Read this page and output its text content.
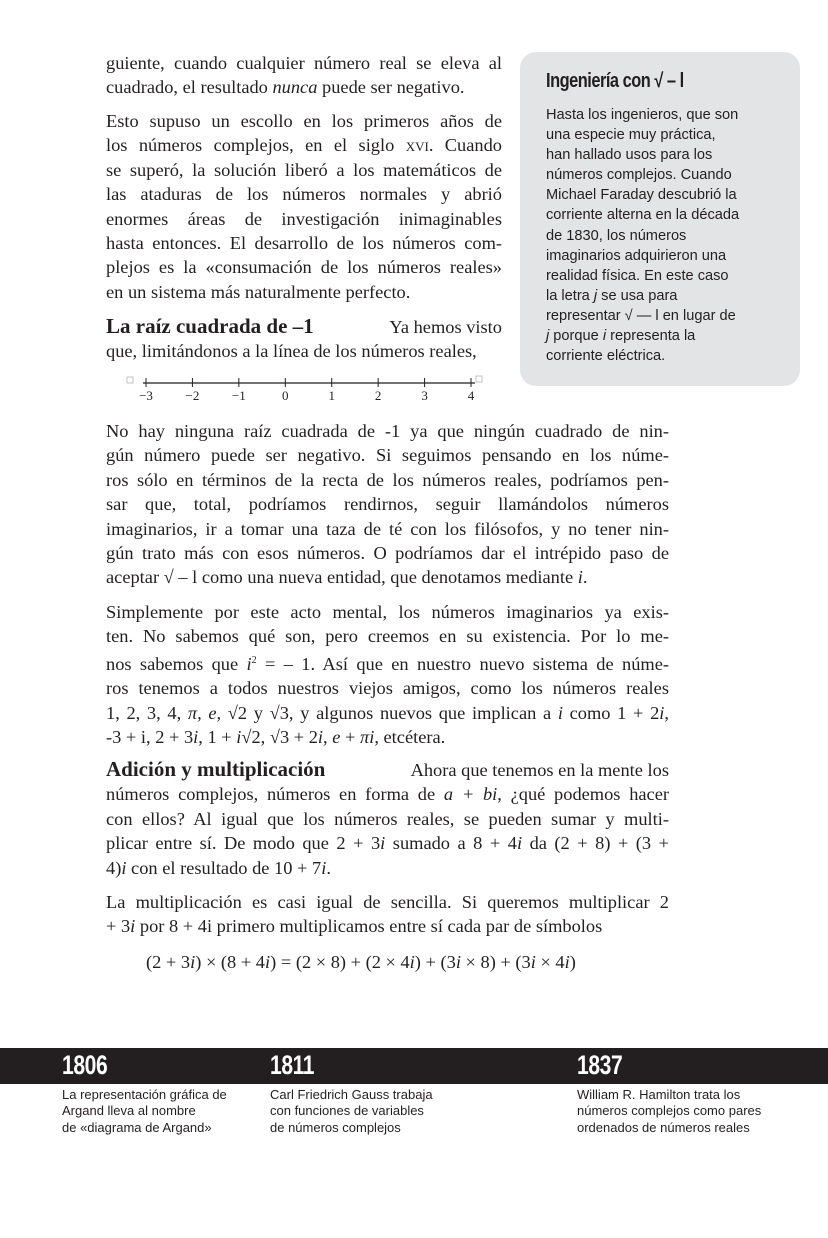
guiente, cuando cualquier número real se eleva al
cuadrado, el resultado nunca puede ser negativo.
Esto supuso un escollo en los primeros años de
los números complejos, en el siglo xvi. Cuando
se superó, la solución liberó a los matemáticos de
las ataduras de los números normales y abrió
enormes áreas de investigación inimaginables
hasta entonces. El desarrollo de los números com-
plejos es la «consumación de los números reales»
en un sistema más naturalmente perfecto.
La raíz cuadrada de –1	Ya hemos visto
que, limitándonos a la línea de los números reales,
−3	−2	−1	0	1	2	3	4
Ingeniería con √ – l
Hasta los ingenieros, que son
una especie muy práctica,
han hallado usos para los
números complejos. Cuando
Michael Faraday descubrió la
corriente alterna en la década
de 1830, los números
imaginarios adquirieron una
realidad física. En este caso
la letra j se usa para
representar √ — l en lugar de
j porque i representa la
corriente eléctrica.
No hay ninguna raíz cuadrada de -1 ya que ningún cuadrado de nin-
gún número puede ser negativo. Si seguimos pensando en los núme-
ros sólo en términos de la recta de los números reales, podríamos pen-
sar que, total, podríamos rendirnos, seguir llamándolos números
imaginarios, ir a tomar una taza de té con los filósofos, y no tener nin-
gún trato más con esos números. O podríamos dar el intrépido paso de
aceptar √ – l como una nueva entidad, que denotamos mediante i.
Simplemente por este acto mental, los números imaginarios ya exis-
ten. No sabemos qué son, pero creemos en su existencia. Por lo me-
nos sabemos que $i^2$ = – 1. Así que en nuestro nuevo sistema de núme-
ros tenemos a todos nuestros viejos amigos, como los números reales
1, 2, 3, 4, π, e, √2 y √3, y algunos nuevos que implican a i como 1 + 2i,
-3 + i, 2 + 3i, 1 + i√2, √3 + 2i, e + πi, etcétera.
Adición y multiplicación	Ahora que tenemos en la mente los
números complejos, números en forma de a + bi, ¿qué podemos hacer
con ellos? Al igual que los números reales, se pueden sumar y multi-
plicar entre sí. De modo que 2 + 3i sumado a 8 + 4i da (2 + 8) + (3 +
4)i con el resultado de 10 + 7i.
La multiplicación es casi igual de sencilla. Si queremos multiplicar 2
+ 3i por 8 + 4i primero multiplicamos entre sí cada par de símbolos
(2 + 3i) × (8 + 4i) = (2 × 8) + (2 × 4i) + (3i × 8) + (3i × 4i)
1806	1811	1837
La representación gráfica de
Argand lleva al nombre
de «diagrama de Argand»
Carl Friedrich Gauss trabaja
con funciones de variables
de números complejos
William R. Hamilton trata los
números complejos como pares
ordenados de números reales
